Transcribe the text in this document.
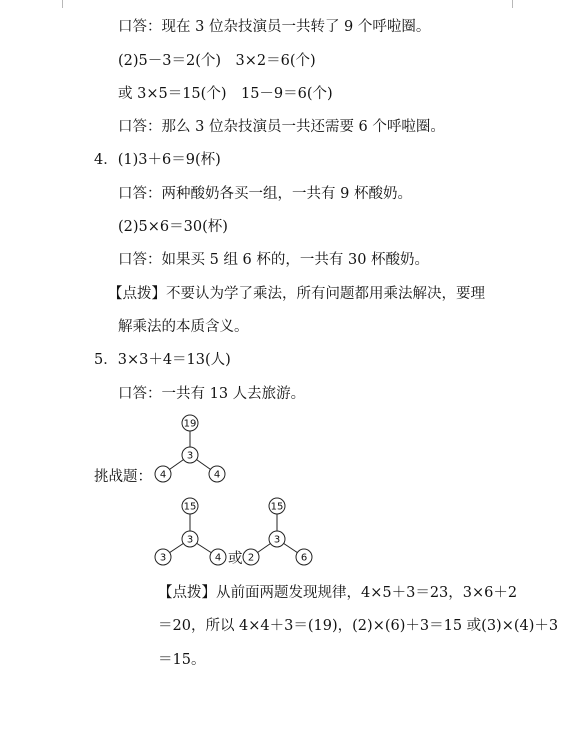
口答：现在 3 位杂技演员一共转了 9 个呼啦圈。
(2)5－3＝2(个)　3×2＝6(个)
或 3×5＝15(个)　15－9＝6(个)
口答：那么 3 位杂技演员一共还需要 6 个呼啦圈。
4．(1)3＋6＝9(杯)
口答：两种酸奶各买一组，一共有 9 杯酸奶。
(2)5×6＝30(杯)
口答：如果买 5 组 6 杯的，一共有 30 杯酸奶。
【点拨】不要认为学了乘法，所有问题都用乘法解决，要理
解乘法的本质含义。
5．3×3＋4＝13(人)
口答：一共有 13 人去旅游。
挑战题：
或
【点拨】从前面两题发现规律，4×5＋3＝23，3×6＋2
＝20，所以 4×4＋3＝(19)，(2)×(6)＋3＝15 或(3)×(4)＋3
＝15。
19
3
4	4
15
3
3	4
15
3
2	6
